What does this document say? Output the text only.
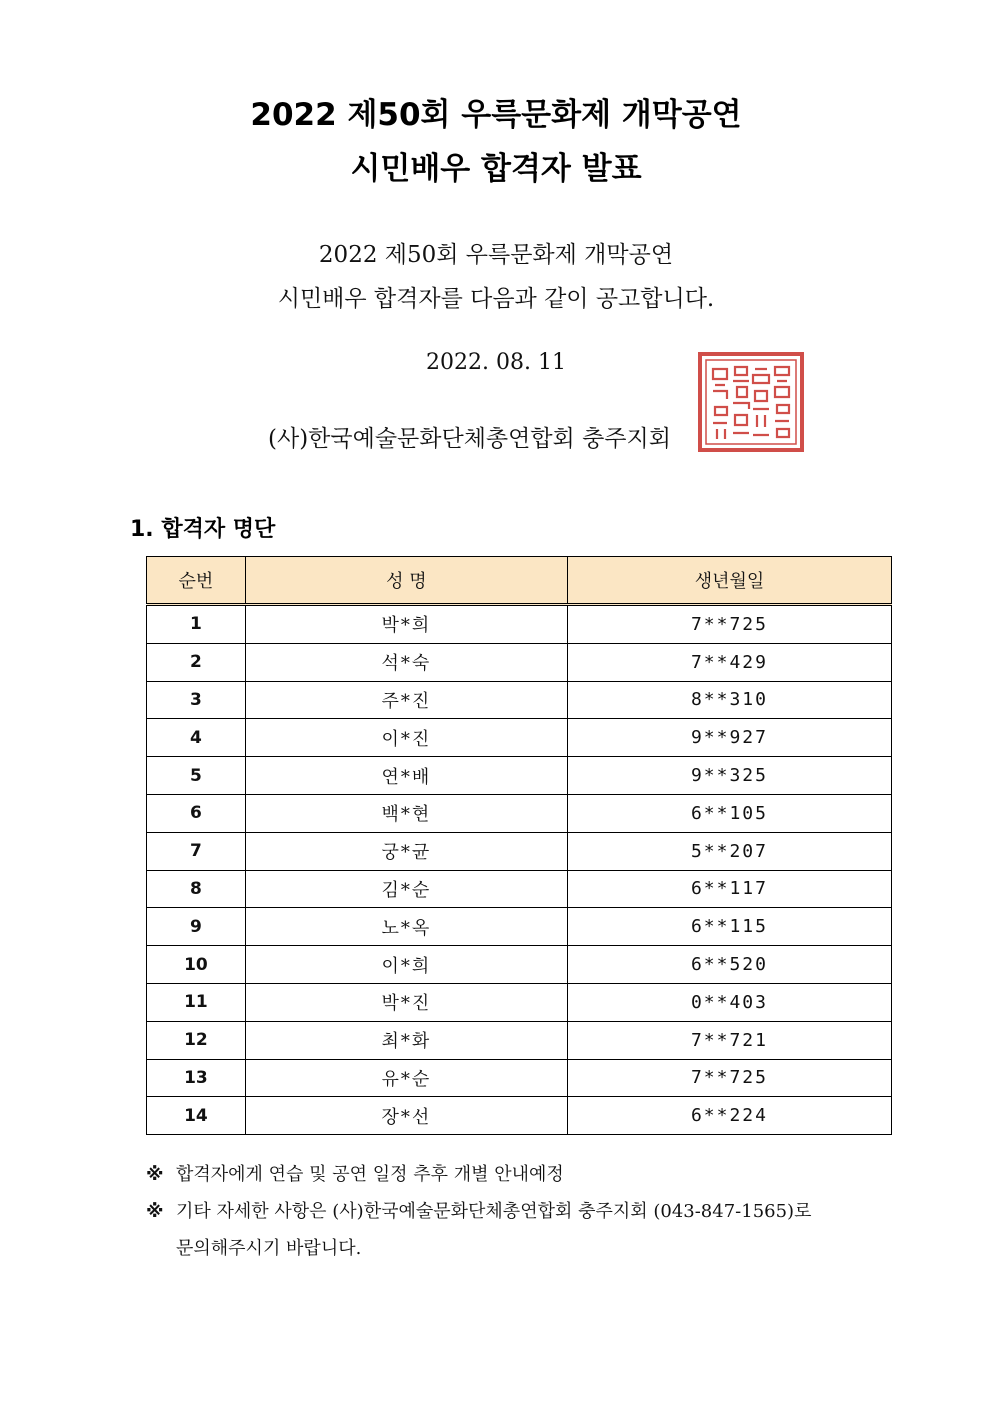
2022 제50회 우륵문화제 개막공연
시민배우 합격자 발표
2022 제50회 우륵문화제 개막공연
시민배우 합격자를 다음과 같이 공고합니다.
2022. 08. 11
(사)한국예술문화단체총연합회 충주지회
1. 합격자 명단
순번	성 명	생년월일
1	박*희	7**725
2	석*숙	7**429
3	주*진	8**310
4	이*진	9**927
5	연*배	9**325
6	백*현	6**105
7	궁*균	5**207
8	김*순	6**117
9	노*옥	6**115
10	이*희	6**520
11	박*진	0**403
12	최*화	7**721
13	유*순	7**725
14	장*선	6**224
※ 합격자에게 연습 및 공연 일정 추후 개별 안내예정
※ 기타 자세한 사항은 (사)한국예술문화단체총연합회 충주지회 (043-847-1565)로
문의해주시기 바랍니다.
